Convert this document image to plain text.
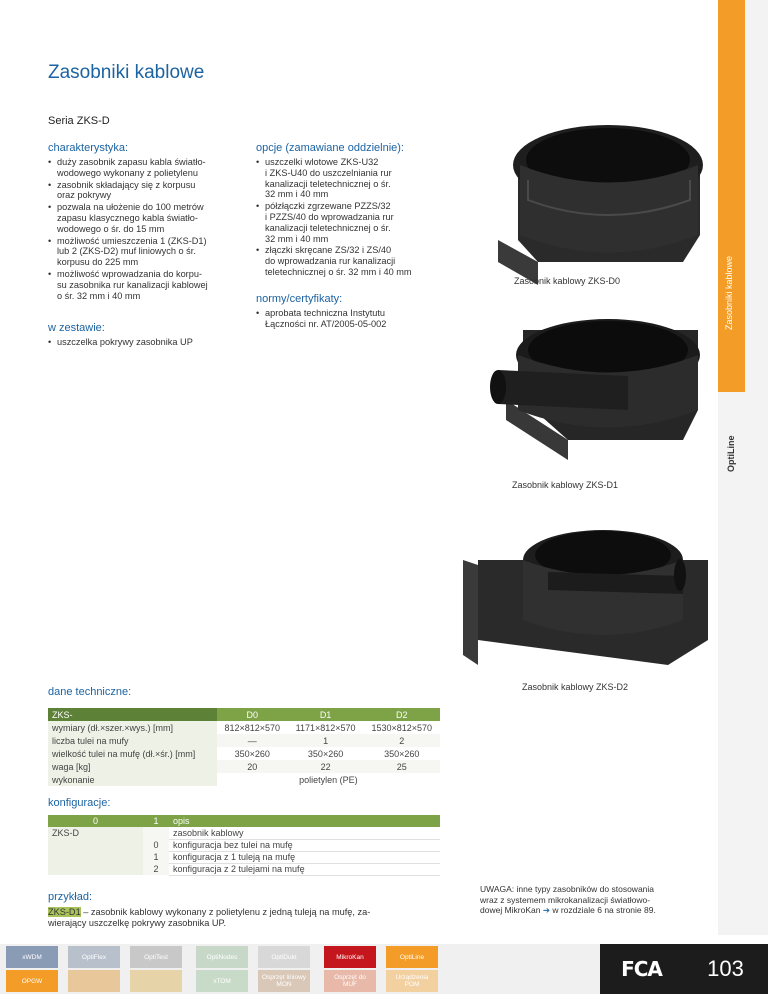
Zasobniki kablowe
Seria ZKS-D
charakterystyka:
• duży zasobnik zapasu kabla światło-
wodowego wykonany z polietylenu
• zasobnik składający się z korpusu
oraz pokrywy
• pozwala na ułożenie do 100 metrów
zapasu klasycznego kabla światło-
wodowego o śr. do 15 mm
• możliwość umieszczenia 1 (ZKS-D1)
lub 2 (ZKS-D2) muf liniowych o śr.
korpusu do 225 mm
• możliwość wprowadzania do korpu-
su zasobnika rur kanalizacji kablowej
o śr. 32 mm i 40 mm
w zestawie:
• uszczelka pokrywy zasobnika UP
opcje (zamawiane oddzielnie):
• uszczelki wlotowe ZKS-U32
i ZKS-U40 do uszczelniania rur
kanalizacji teletechnicznej o śr.
32 mm i 40 mm
• półzłączki zgrzewane PZZS/32
i PZZS/40 do wprowadzania rur
kanalizacji teletechnicznej o śr.
32 mm i 40 mm
• złączki skręcane ZS/32 i ZS/40
do wprowadzania rur kanalizacji
teletechnicznej o śr. 32 mm i 40 mm
normy/certyfikaty:
• aprobata techniczna Instytutu
Łączności nr. AT/2005-05-002
Zasobnik kablowy ZKS-D0
Zasobnik kablowy ZKS-D1
Zasobnik kablowy ZKS-D2
Zasobniki kablowe
OptiLine
dane techniczne:
ZKS-	D0	D1	D2
wymiary (dł.×szer.×wys.) [mm]	812×812×570	1171×812×570	1530×812×570
liczba tulei na mufy	—	1	2
wielkość tulei na mufę (dł.×śr.) [mm]	350×260	350×260	350×260
waga [kg]	20	22	25
wykonanie	polietylen (PE)		
konfiguracje:
0	1	opis
ZKS-D		zasobnik kablowy
	0	konfiguracja bez tulei na mufę
	1	konfiguracja z 1 tuleją na mufę
	2	konfiguracja z 2 tulejami na mufę
przykład:
ZKS-D1 – zasobnik kablowy wykonany z polietylenu z jedną tuleją na mufę, za-
wierający uszczelkę pokrywy zasobnika UP.
UWAGA: inne typy zasobników do stosowania
wraz z systemem mikrokanalizacji światłowo-
dowej MikroKan ➔ w rozdziale 6 na stronie 89.
xWDM	OptiFlex	OptiTest	OptiNodes	OptiDukt	MikroKan	OptiLine
OPGW	xTOM	Osprzęt liniowy
MON
Osprzęt do
MUF
Urządzenia
POM
FCA	103
